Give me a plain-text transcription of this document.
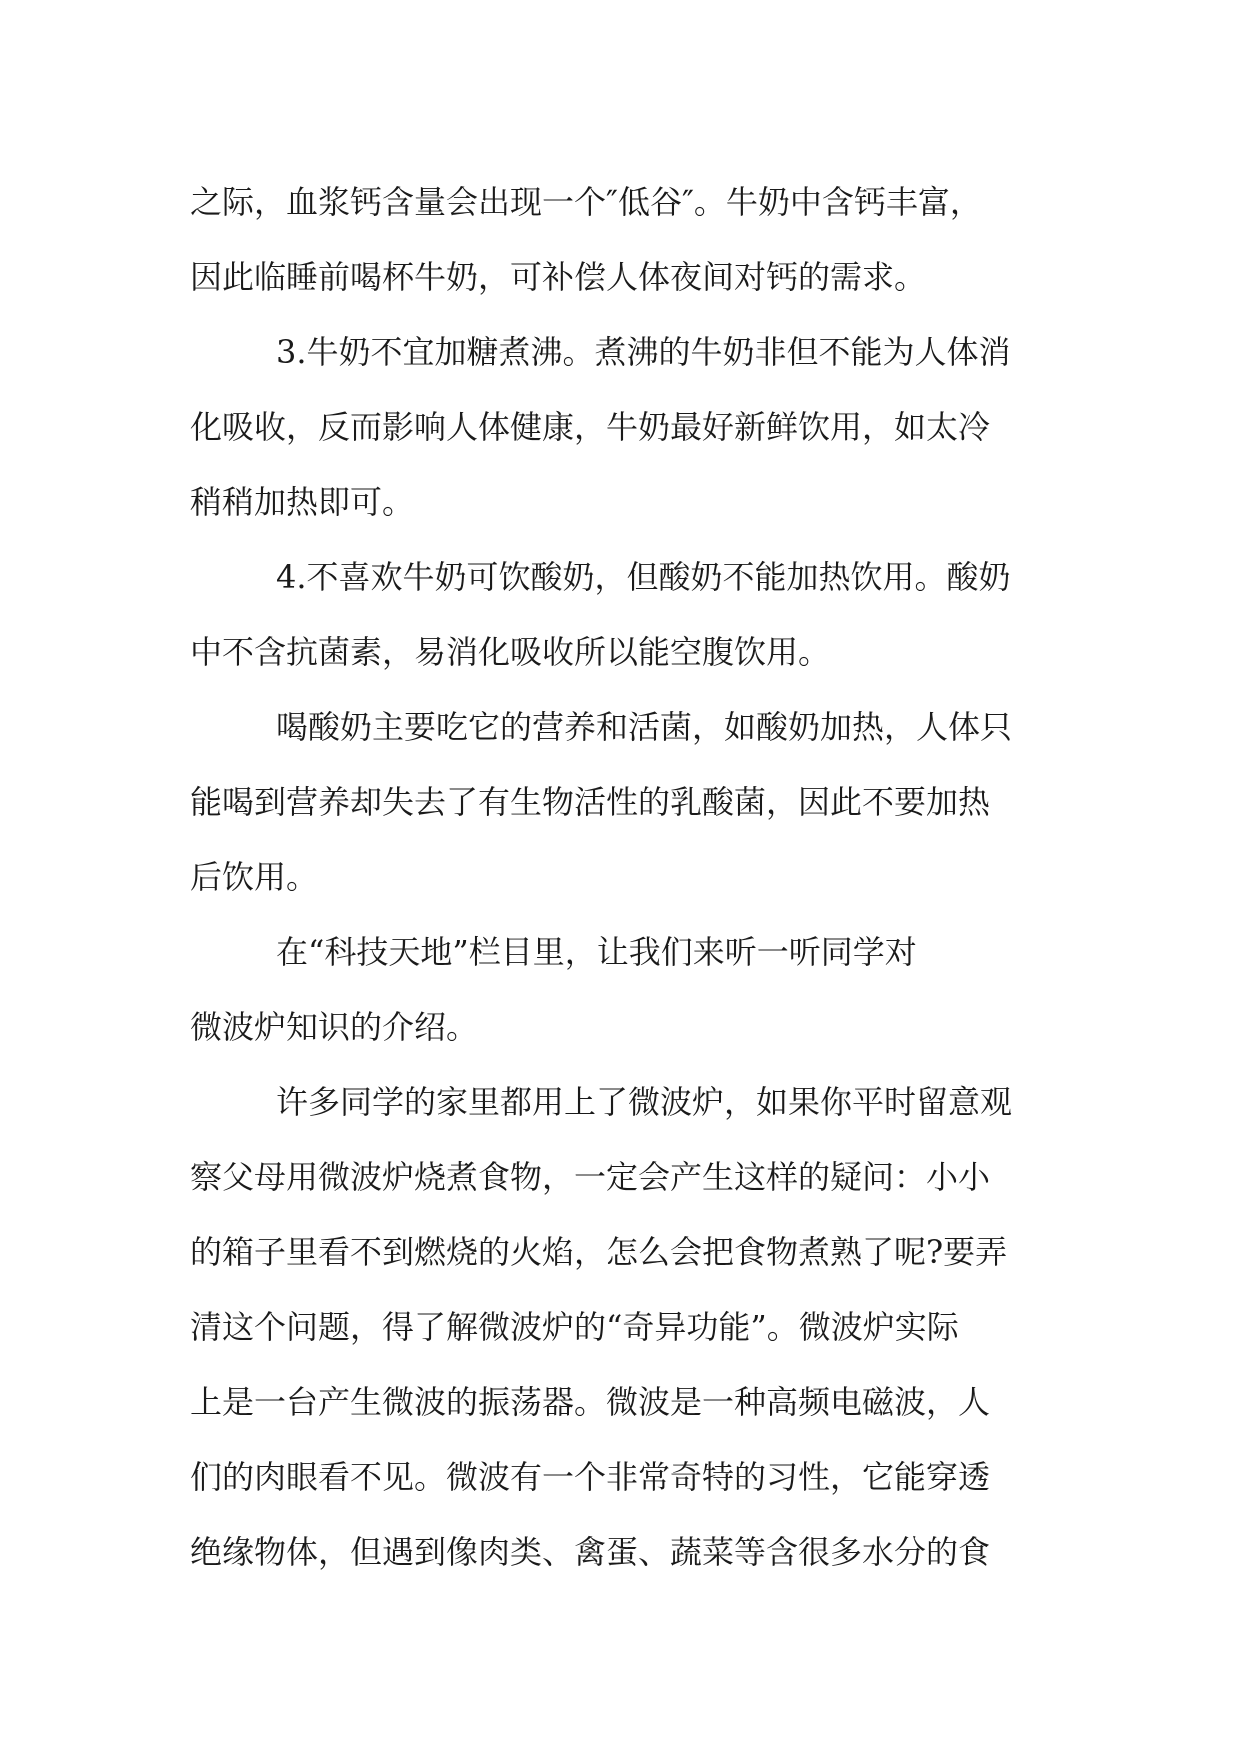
之际，血浆钙含量会出现一个″低谷″。牛奶中含钙丰富，
因此临睡前喝杯牛奶，可补偿人体夜间对钙的需求。
3.牛奶不宜加糖煮沸。煮沸的牛奶非但不能为人体消
化吸收，反而影响人体健康，牛奶最好新鲜饮用，如太冷
稍稍加热即可。
4.不喜欢牛奶可饮酸奶，但酸奶不能加热饮用。酸奶
中不含抗菌素，易消化吸收所以能空腹饮用。
喝酸奶主要吃它的营养和活菌，如酸奶加热，人体只
能喝到营养却失去了有生物活性的乳酸菌，因此不要加热
后饮用。
在“科技天地”栏目里，让我们来听一听同学对
微波炉知识的介绍。
许多同学的家里都用上了微波炉，如果你平时留意观
察父母用微波炉烧煮食物，一定会产生这样的疑问：小小
的箱子里看不到燃烧的火焰，怎么会把食物煮熟了呢?要弄
清这个问题，得了解微波炉的“奇异功能”。微波炉实际
上是一台产生微波的振荡器。微波是一种高频电磁波，人
们的肉眼看不见。微波有一个非常奇特的习性，它能穿透
绝缘物体，但遇到像肉类、禽蛋、蔬菜等含很多水分的食
